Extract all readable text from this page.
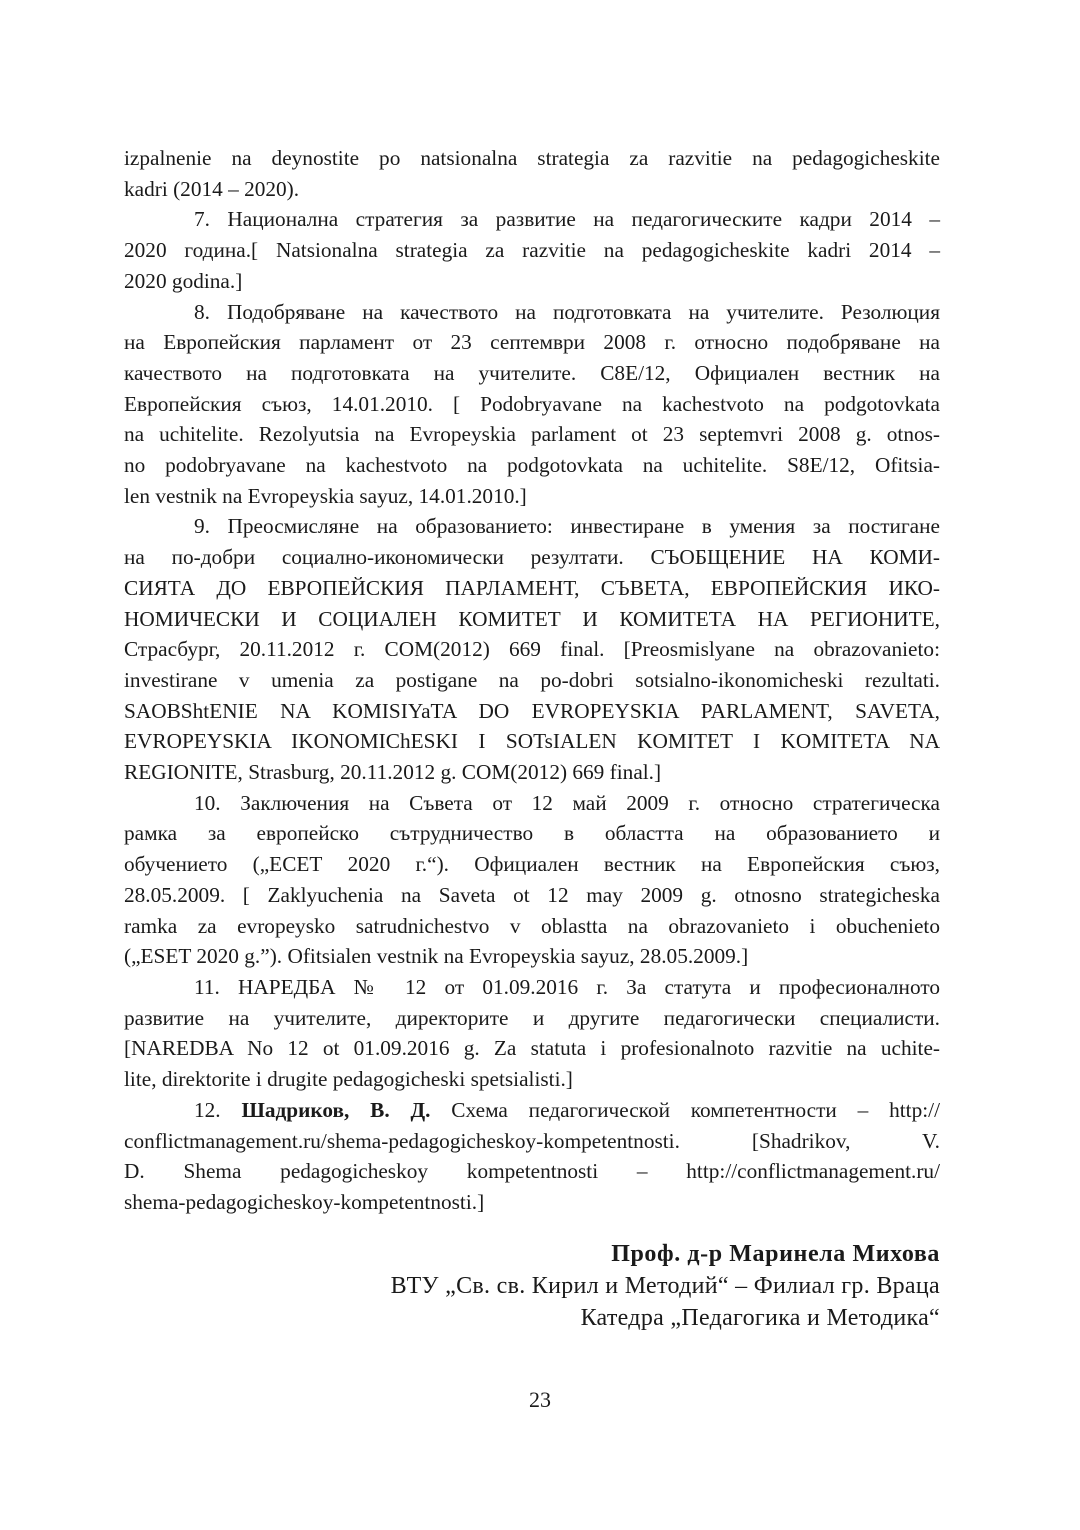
izpalnenie na deynostite po natsionalna strategia za razvitie na pedagogicheskite
kadri (2014 – 2020).
7. Национална стратегия за развитие на педагогическите кадри 2014 –
2020 година.[ Natsionalna strategia za razvitie na pedagogicheskite kadri 2014 –
2020 godina.]
8. Подобряване на качеството на подготовката на учителите. Резолюция
на Европейския парламент от 23 септември 2008 г. относно подобряване на
качеството на подготовката на учителите. C8E/12, Официален вестник на
Европейския съюз, 14.01.2010. [ Podobryavane na kachestvoto na podgotovkata
na uchitelite. Rezolyutsia na Evropeyskia parlament ot 23 septemvri 2008 g. otnos-
no podobryavane na kachestvoto na podgotovkata na uchitelite. S8E/12, Ofitsia-
len vestnik na Evropeyskia sayuz, 14.01.2010.]
9. Преосмисляне на образованието: инвестиране в умения за постигане
на по-добри социално-икономически резултати. СЪОБЩЕНИЕ НА КОМИ-
СИЯТА ДО ЕВРОПЕЙСКИЯ ПАРЛАМЕНТ, СЪВЕТА, ЕВРОПЕЙСКИЯ ИКО-
НОМИЧЕСКИ И СОЦИАЛЕН КОМИТЕТ И КОМИТЕТА НА РЕГИОНИТЕ,
Страсбург, 20.11.2012 г. COM(2012) 669 final. [Preosmislyane na obrazovanieto:
investirane v umenia za postigane na po-dobri sotsialno-ikonomicheski rezultati.
SAOBShtENIE NA KOMISIYaTA DO EVROPEYSKIA PARLAMENT, SAVETA,
EVROPEYSKIA IKONOMIChESKI I SOTsIALEN KOMITET I KOMITETA NA
REGIONITE, Strasburg, 20.11.2012 g. COM(2012) 669 final.]
10. Заключения на Съвета от 12 май 2009 г. относно стратегическа
рамка за европейско сътрудничество в областта на образованието и
обучението („ЕСЕТ 2020 г.“). Официален вестник на Европейския съюз,
28.05.2009. [ Zaklyuchenia na Saveta ot 12 may 2009 g. otnosno strategicheska
ramka za evropeysko satrudnichestvo v oblastta na obrazovanieto i obuchenieto
(„ESET 2020 g.”). Ofitsialen vestnik na Evropeyskia sayuz, 28.05.2009.]
11. НАРЕДБА № 12 от 01.09.2016 г. За статута и професионалното
развитие на учителите, директорите и другите педагогически специалисти.
[NAREDBA No 12 ot 01.09.2016 g. Za statuta i profesionalnoto razvitie na uchite-
lite, direktorite i drugite pedagogicheski spetsialisti.]
12. Шадриков, В. Д. Схема педагогической компетентности – http://
conflictmanagement.ru/shema-pedagogicheskoy-kompetentnosti. [Shadrikov, V.
D. Shema pedagogicheskoy kompetentnosti – http://conflictmanagement.ru/
shema-pedagogicheskoy-kompetentnosti.]
Проф. д-р Маринела Михова
ВТУ „Св. св. Кирил и Методий“ – Филиал гр. Враца
Катедра „Педагогика и Методика“
23
